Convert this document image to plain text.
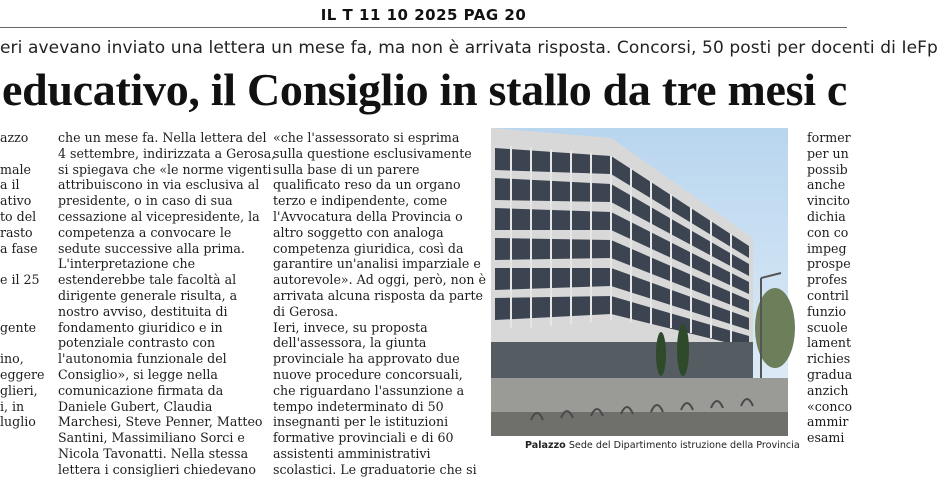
IL T 11 10 2025 PAG 20
eri avevano inviato una lettera un mese fa, ma non è arrivata risposta. Concorsi, 50 posti per docenti di IeFp
educativo, il Consiglio in stallo da tre mesi c
azzo
male
a il
ativo
to del
rasto
a fase
e il 25
gente
ino,
eggere
glieri,
i, in
luglio
che un mese fa. Nella lettera del
4 settembre, indirizzata a Gerosa,
si spiegava che «le norme vigenti
attribuiscono in via esclusiva al
presidente, o in caso di sua
cessazione al vicepresidente, la
competenza a convocare le
sedute successive alla prima.
L'interpretazione che
estenderebbe tale facoltà al
dirigente generale risulta, a
nostro avviso, destituita di
fondamento giuridico e in
potenziale contrasto con
l'autonomia funzionale del
Consiglio», si legge nella
comunicazione firmata da
Daniele Gubert, Claudia
Marchesi, Steve Penner, Matteo
Santini, Massimiliano Sorci e
Nicola Tavonatti. Nella stessa
lettera i consiglieri chiedevano
«che l'assessorato si esprima
sulla questione esclusivamente
sulla base di un parere
qualificato reso da un organo
terzo e indipendente, come
l'Avvocatura della Provincia o
altro soggetto con analoga
competenza giuridica, così da
garantire un'analisi imparziale e
autorevole». Ad oggi, però, non è
arrivata alcuna risposta da parte
di Gerosa.
Ieri, invece, su proposta
dell'assessora, la giunta
provinciale ha approvato due
nuove procedure concorsuali,
che riguardano l'assunzione a
tempo indeterminato di 50
insegnanti per le istituzioni
formative provinciali e di 60
assistenti amministrativi
scolastici. Le graduatorie che si
former
per un
possib
anche
vincito
dichia
con co
impeg
prospe
profes
contril
funzio
scuole
lament
richies
gradua
anzich
«conco
ammir
esami
Palazzo Sede del Dipartimento istruzione della Provincia
